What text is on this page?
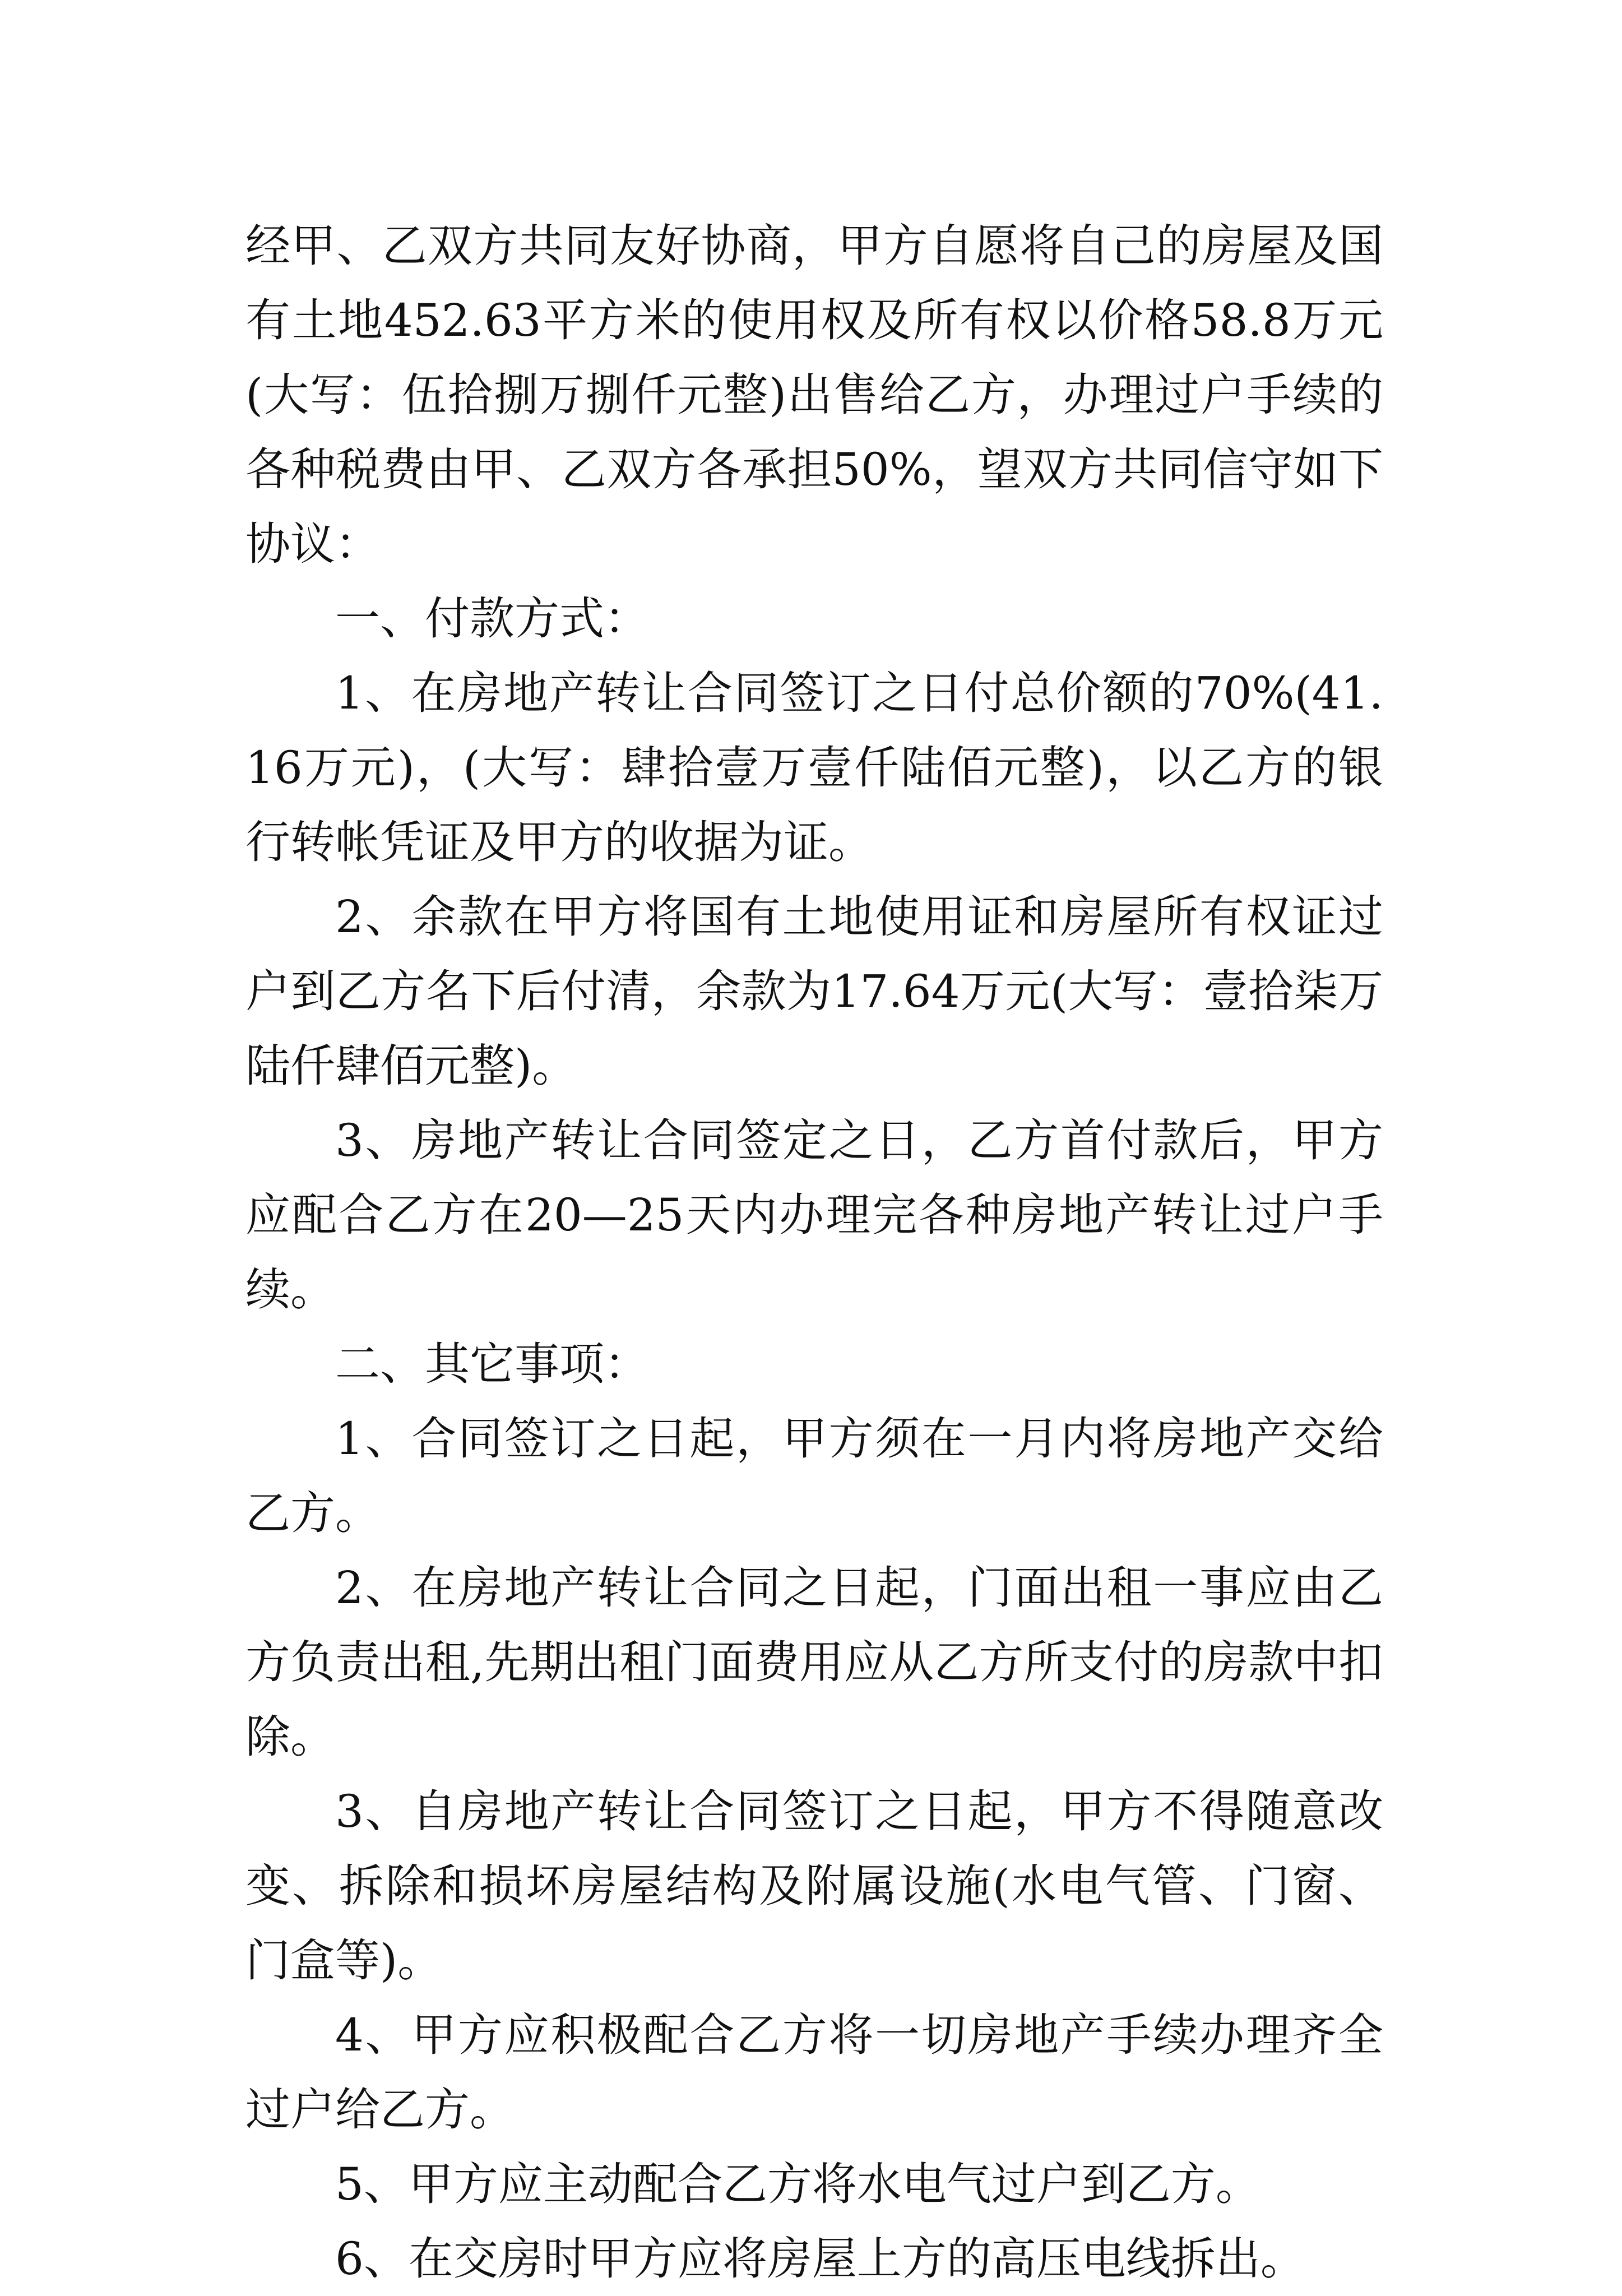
经甲、乙双方共同友好协商，甲方自愿将自己的房屋及国有土地452.63平方米的使用权及所有权以价格58.8万元(大写：伍拾捌万捌仟元整)出售给乙方，办理过户手续的各种税费由甲、乙双方各承担50%，望双方共同信守如下协议：

一、付款方式：

1、在房地产转让合同签订之日付总价额的70%(41.16万元)，(大写：肆拾壹万壹仟陆佰元整)，以乙方的银行转帐凭证及甲方的收据为证。

2、余款在甲方将国有土地使用证和房屋所有权证过户到乙方名下后付清，余款为17.64万元(大写：壹拾柒万陆仟肆佰元整)。

3、房地产转让合同签定之日，乙方首付款后，甲方应配合乙方在20—25天内办理完各种房地产转让过户手续。

二、其它事项：

1、合同签订之日起，甲方须在一月内将房地产交给乙方。

2、在房地产转让合同之日起，门面出租一事应由乙方负责出租,先期出租门面费用应从乙方所支付的房款中扣除。

3、自房地产转让合同签订之日起，甲方不得随意改变、拆除和损坏房屋结构及附属设施(水电气管、门窗、门盒等)。

4、甲方应积极配合乙方将一切房地产手续办理齐全过户给乙方。

5、甲方应主动配合乙方将水电气过户到乙方。

6、在交房时甲方应将房屋上方的高压电线拆出。
